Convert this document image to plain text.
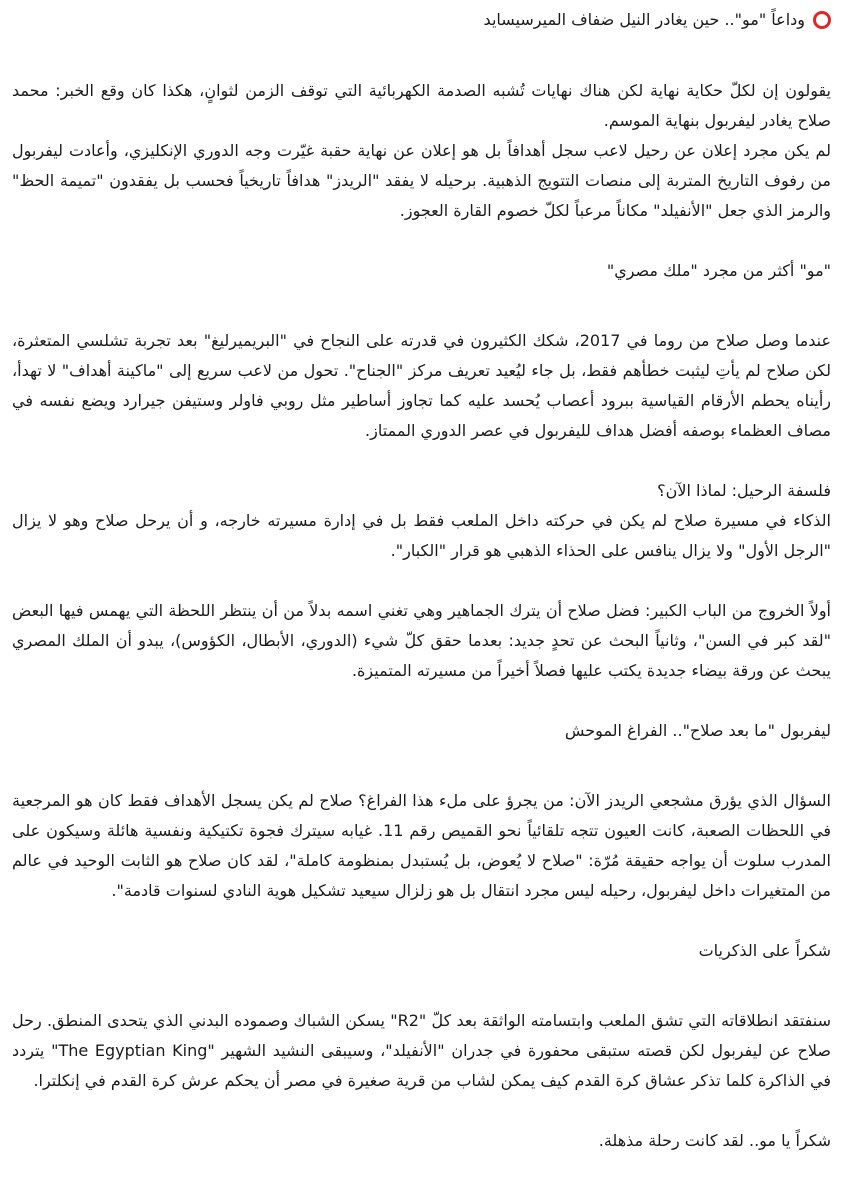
وداعاً "مو".. حين يغادر النيل ضفاف الميرسيسايد

يقولون إن لكلّ حكاية نهاية لكن هناك نهايات تُشبه الصدمة الكهربائية التي توقف الزمن لثوانٍ، هكذا كان وقع الخبر: محمد صلاح يغادر ليفربول بنهاية الموسم.

لم يكن مجرد إعلان عن رحيل لاعب سجل أهدافاً بل هو إعلان عن نهاية حقبة غيّرت وجه الدوري الإنكليزي، وأعادت ليفربول من رفوف التاريخ المتربة إلى منصات التتويج الذهبية. برحيله لا يفقد "الريدز" هدافاً تاريخياً فحسب بل يفقدون "تميمة الحظ" والرمز الذي جعل "الأنفيلد" مكاناً مرعباً لكلّ خصوم القارة العجوز.

"مو" أكثر من مجرد "ملك مصري"

عندما وصل صلاح من روما في 2017، شكك الكثيرون في قدرته على النجاح في "البريميرليغ" بعد تجربة تشلسي المتعثرة، لكن صلاح لم يأتِ ليثبت خطأهم فقط، بل جاء ليُعيد تعريف مركز "الجناح". تحول من لاعب سريع إلى "ماكينة أهداف" لا تهدأ، رأيناه يحطم الأرقام القياسية ببرود أعصاب يُحسد عليه كما تجاوز أساطير مثل روبي فاولر وستيفن جيرارد ويضع نفسه في مصاف العظماء بوصفه أفضل هداف لليفربول في عصر الدوري الممتاز.

فلسفة الرحيل: لماذا الآن؟

الذكاء في مسيرة صلاح لم يكن في حركته داخل الملعب فقط بل في إدارة مسيرته خارجه، و أن يرحل صلاح وهو لا يزال "الرجل الأول" ولا يزال ينافس على الحذاء الذهبي هو قرار "الكبار".

أولاً الخروج من الباب الكبير: فضل صلاح أن يترك الجماهير وهي تغني اسمه بدلاً من أن ينتظر اللحظة التي يهمس فيها البعض "لقد كبر في السن"، وثانياً البحث عن تحدٍ جديد: بعدما حقق كلّ شيء (الدوري، الأبطال، الكؤوس)، يبدو أن الملك المصري يبحث عن ورقة بيضاء جديدة يكتب عليها فصلاً أخيراً من مسيرته المتميزة.

ليفربول "ما بعد صلاح".. الفراغ الموحش

السؤال الذي يؤرق مشجعي الريدز الآن: من يجرؤ على ملء هذا الفراغ؟ صلاح لم يكن يسجل الأهداف فقط كان هو المرجعية في اللحظات الصعبة، كانت العيون تتجه تلقائياً نحو القميص رقم 11. غيابه سيترك فجوة تكتيكية ونفسية هائلة وسيكون على المدرب سلوت أن يواجه حقيقة مُرّة: "صلاح لا يُعوض، بل يُستبدل بمنظومة كاملة"، لقد كان صلاح هو الثابت الوحيد في عالم من المتغيرات داخل ليفربول، رحيله ليس مجرد انتقال بل هو زلزال سيعيد تشكيل هوية النادي لسنوات قادمة".

شكراً على الذكريات

سنفتقد انطلاقاته التي تشق الملعب وابتسامته الواثقة بعد كلّ "R2" يسكن الشباك وصموده البدني الذي يتحدى المنطق. رحل صلاح عن ليفربول لكن قصته ستبقى محفورة في جدران "الأنفيلد"، وسيبقى النشيد الشهير "The Egyptian King" يتردد في الذاكرة كلما تذكر عشاق كرة القدم كيف يمكن لشاب من قرية صغيرة في مصر أن يحكم عرش كرة القدم في إنكلترا.

شكراً يا مو.. لقد كانت رحلة مذهلة.
